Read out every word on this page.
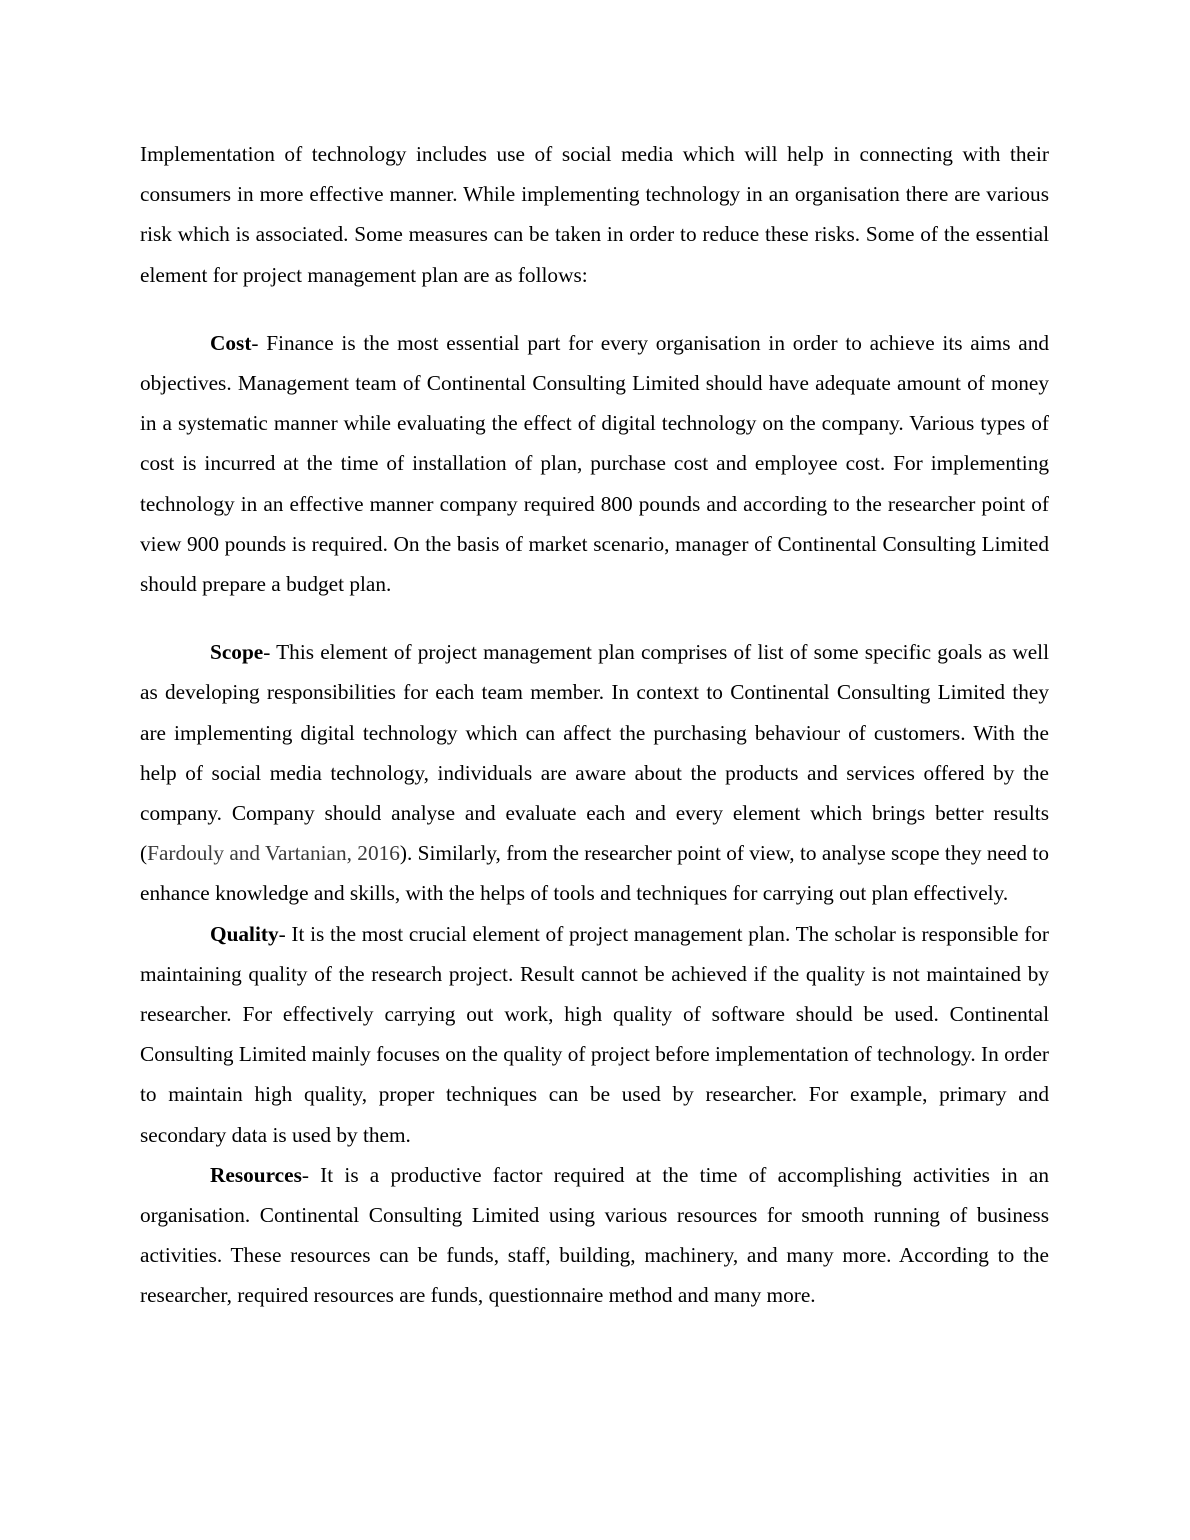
Implementation of technology includes use of social media which will help in connecting with their consumers in more effective manner. While implementing technology in an organisation there are various risk which is associated. Some measures can be taken in order to reduce these risks. Some of the essential element for project management plan are as follows:

Cost- Finance is the most essential part for every organisation in order to achieve its aims and objectives. Management team of Continental Consulting Limited should have adequate amount of money in a systematic manner while evaluating the effect of digital technology on the company. Various types of cost is incurred at the time of installation of plan, purchase cost and employee cost. For implementing technology in an effective manner company required 800 pounds and according to the researcher point of view 900 pounds is required. On the basis of market scenario, manager of Continental Consulting Limited should prepare a budget plan.

Scope- This element of project management plan comprises of list of some specific goals as well as developing responsibilities for each team member. In context to Continental Consulting Limited they are implementing digital technology which can affect the purchasing behaviour of customers. With the help of social media technology, individuals are aware about the products and services offered by the company. Company should analyse and evaluate each and every element which brings better results (Fardouly and Vartanian, 2016). Similarly, from the researcher point of view, to analyse scope they need to enhance knowledge and skills, with the helps of tools and techniques for carrying out plan effectively.

Quality- It is the most crucial element of project management plan. The scholar is responsible for maintaining quality of the research project. Result cannot be achieved if the quality is not maintained by researcher. For effectively carrying out work, high quality of software should be used. Continental Consulting Limited mainly focuses on the quality of project before implementation of technology. In order to maintain high quality, proper techniques can be used by researcher. For example, primary and secondary data is used by them.

Resources- It is a productive factor required at the time of accomplishing activities in an organisation. Continental Consulting Limited using various resources for smooth running of business activities. These resources can be funds, staff, building, machinery, and many more. According to the researcher, required resources are funds, questionnaire method and many more.
